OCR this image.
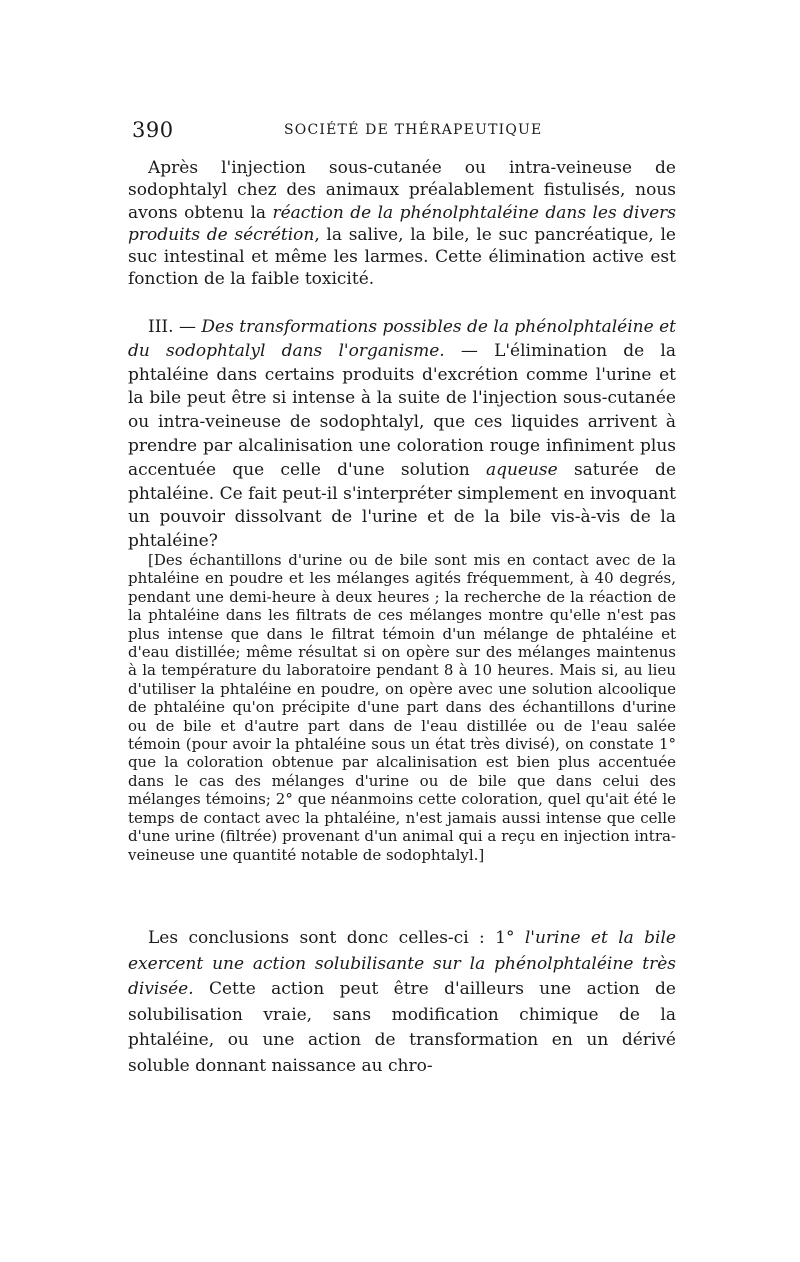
390	SOCIÉTÉ DE THÉRAPEUTIQUE

Après l'injection sous-cutanée ou intra-veineuse de sodophtalyl chez des animaux préalablement fistulisés, nous avons obtenu la réaction de la phénolphtaléine dans les divers produits de sécrétion, la salive, la bile, le suc pancréatique, le suc intestinal et même les larmes. Cette élimination active est fonction de la faible toxicité.

III. — Des transformations possibles de la phénolphtaléine et du sodophtalyl dans l'organisme. — L'élimination de la phtaléine dans certains produits d'excrétion comme l'urine et la bile peut être si intense à la suite de l'injection sous-cutanée ou intra-veineuse de sodophtalyl, que ces liquides arrivent à prendre par alcalinisation une coloration rouge infiniment plus accentuée que celle d'une solution aqueuse saturée de phtaléine. Ce fait peut-il s'interpréter simplement en invoquant un pouvoir dissolvant de l'urine et de la bile vis-à-vis de la phtaléine?

[Des échantillons d'urine ou de bile sont mis en contact avec de la phtaléine en poudre et les mélanges agités fréquemment, à 40 degrés, pendant une demi-heure à deux heures ; la recherche de la réaction de la phtaléine dans les filtrats de ces mélanges montre qu'elle n'est pas plus intense que dans le filtrat témoin d'un mélange de phtaléine et d'eau distillée; même résultat si on opère sur des mélanges maintenus à la température du laboratoire pendant 8 à 10 heures. Mais si, au lieu d'utiliser la phtaléine en poudre, on opère avec une solution alcoolique de phtaléine qu'on précipite d'une part dans des échantillons d'urine ou de bile et d'autre part dans de l'eau distillée ou de l'eau salée témoin (pour avoir la phtaléine sous un état très divisé), on constate 1° que la coloration obtenue par alcalinisation est bien plus accentuée dans le cas des mélanges d'urine ou de bile que dans celui des mélanges témoins; 2° que néanmoins cette coloration, quel qu'ait été le temps de contact avec la phtaléine, n'est jamais aussi intense que celle d'une urine (filtrée) provenant d'un animal qui a reçu en injection intra-veineuse une quantité notable de sodophtalyl.]

Les conclusions sont donc celles-ci : 1° l'urine et la bile exercent une action solubilisante sur la phénolphtaléine très divisée. Cette action peut être d'ailleurs une action de solubilisation vraie, sans modification chimique de la phtaléine, ou une action de transformation en un dérivé soluble donnant naissance au chro-
